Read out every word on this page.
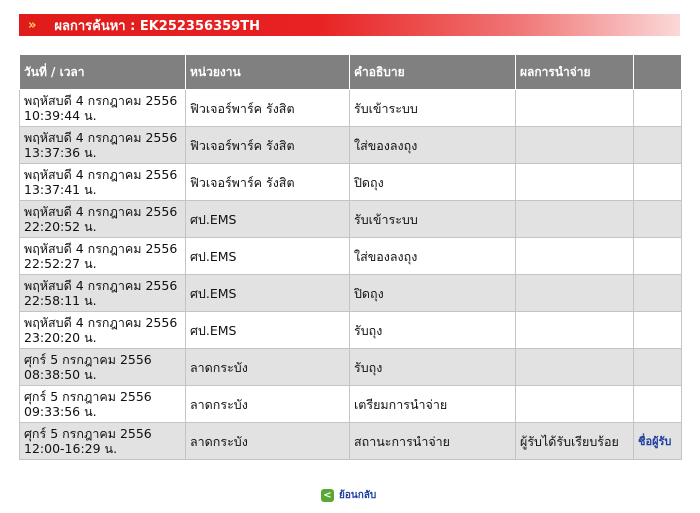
» ผลการค้นหา : EK252356359TH
วันที่ / เวลา	หน่วยงาน	คำอธิบาย	ผลการนำจ่าย	

พฤหัสบดี 4 กรกฎาคม 2556
10:39:44 น.	ฟิวเจอร์พาร์ค รังสิต	รับเข้าระบบ		

พฤหัสบดี 4 กรกฎาคม 2556
13:37:36 น.	ฟิวเจอร์พาร์ค รังสิต	ใส่ของลงถุง		

พฤหัสบดี 4 กรกฎาคม 2556
13:37:41 น.	ฟิวเจอร์พาร์ค รังสิต	ปิดถุง		

พฤหัสบดี 4 กรกฎาคม 2556
22:20:52 น.	ศป.EMS	รับเข้าระบบ		

พฤหัสบดี 4 กรกฎาคม 2556
22:52:27 น.	ศป.EMS	ใส่ของลงถุง		

พฤหัสบดี 4 กรกฎาคม 2556
22:58:11 น.	ศป.EMS	ปิดถุง		

พฤหัสบดี 4 กรกฎาคม 2556
23:20:20 น.	ศป.EMS	รับถุง		

ศุกร์ 5 กรกฎาคม 2556
08:38:50 น.	ลาดกระบัง	รับถุง		

ศุกร์ 5 กรกฎาคม 2556
09:33:56 น.	ลาดกระบัง	เตรียมการนำจ่าย		

ศุกร์ 5 กรกฎาคม 2556
12:00-16:29 น.	ลาดกระบัง	สถานะการนำจ่าย	ผู้รับได้รับเรียบร้อย	ชื่อผู้รับ
< ย้อนกลับ
